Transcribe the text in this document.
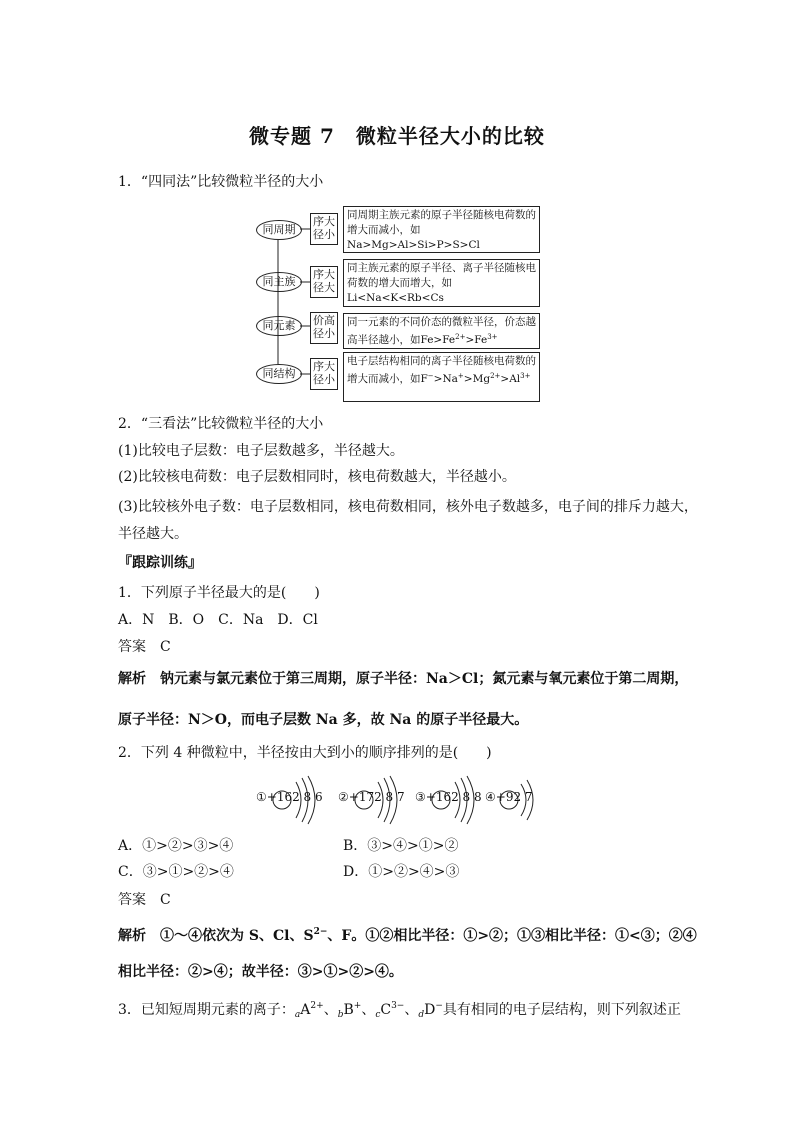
微专题 7　微粒半径大小的比较
1．“四同法”比较微粒半径的大小
同周期
序大径小
同周期主族元素的原子半径随核电荷数的增大而减小，如Na>Mg>Al>Si>P>S>Cl
同主族
序大径大
同主族元素的原子半径、离子半径随核电荷数的增大而增大，如Li<Na<K<Rb<Cs
同元素	价高径小
同一元素的不同价态的微粒半径，价态越高半径越小，如$Fe>Fe^{2+}>Fe^{3+}$
同结构
序大径小
电子层结构相同的离子半径随核电荷数的增大而减小，如$F^->Na^+>Mg^{2+}>Al^{3+}$
2．“三看法”比较微粒半径的大小
(1)比较电子层数：电子层数越多，半径越大。
(2)比较核电荷数：电子层数相同时，核电荷数越大，半径越小。
(3)比较核外电子数：电子层数相同，核电荷数相同，核外电子数越多，电子间的排斥力越大，
半径越大。
『跟踪训练』
1．下列原子半径最大的是(　　)
A．N　B．O　C．Na　D．Cl
答案　 C
解析　 钠元素与氯元素位于第三周期，原子半径：Na＞Cl；氮元素与氧元素位于第二周期，
原子半径：N＞O，而电子层数 Na 多，故 Na 的原子半径最大。
2．下列 4 种微粒中，半径按由大到小的顺序排列的是(　　)
①+162 8 6 ②+172 8 7 ③+162 8 8 ④+92 7
A．①>②>③>④	B．③>④>①>②
C．③>①>②>④	D．①>②>④>③
答案　 C
解析　 ①～④依次为 S、Cl、$S^{2-}$、F。①②相比半径：①>②；①③相比半径：①<③；②④
相比半径：②>④；故半径：③>①>②>④。
3．已知短周期元素的离子：$_aA^{2+}$、$_b$B+、$_cC^{3-}$、$_d$D−具有相同的电子层结构，则下列叙述正
